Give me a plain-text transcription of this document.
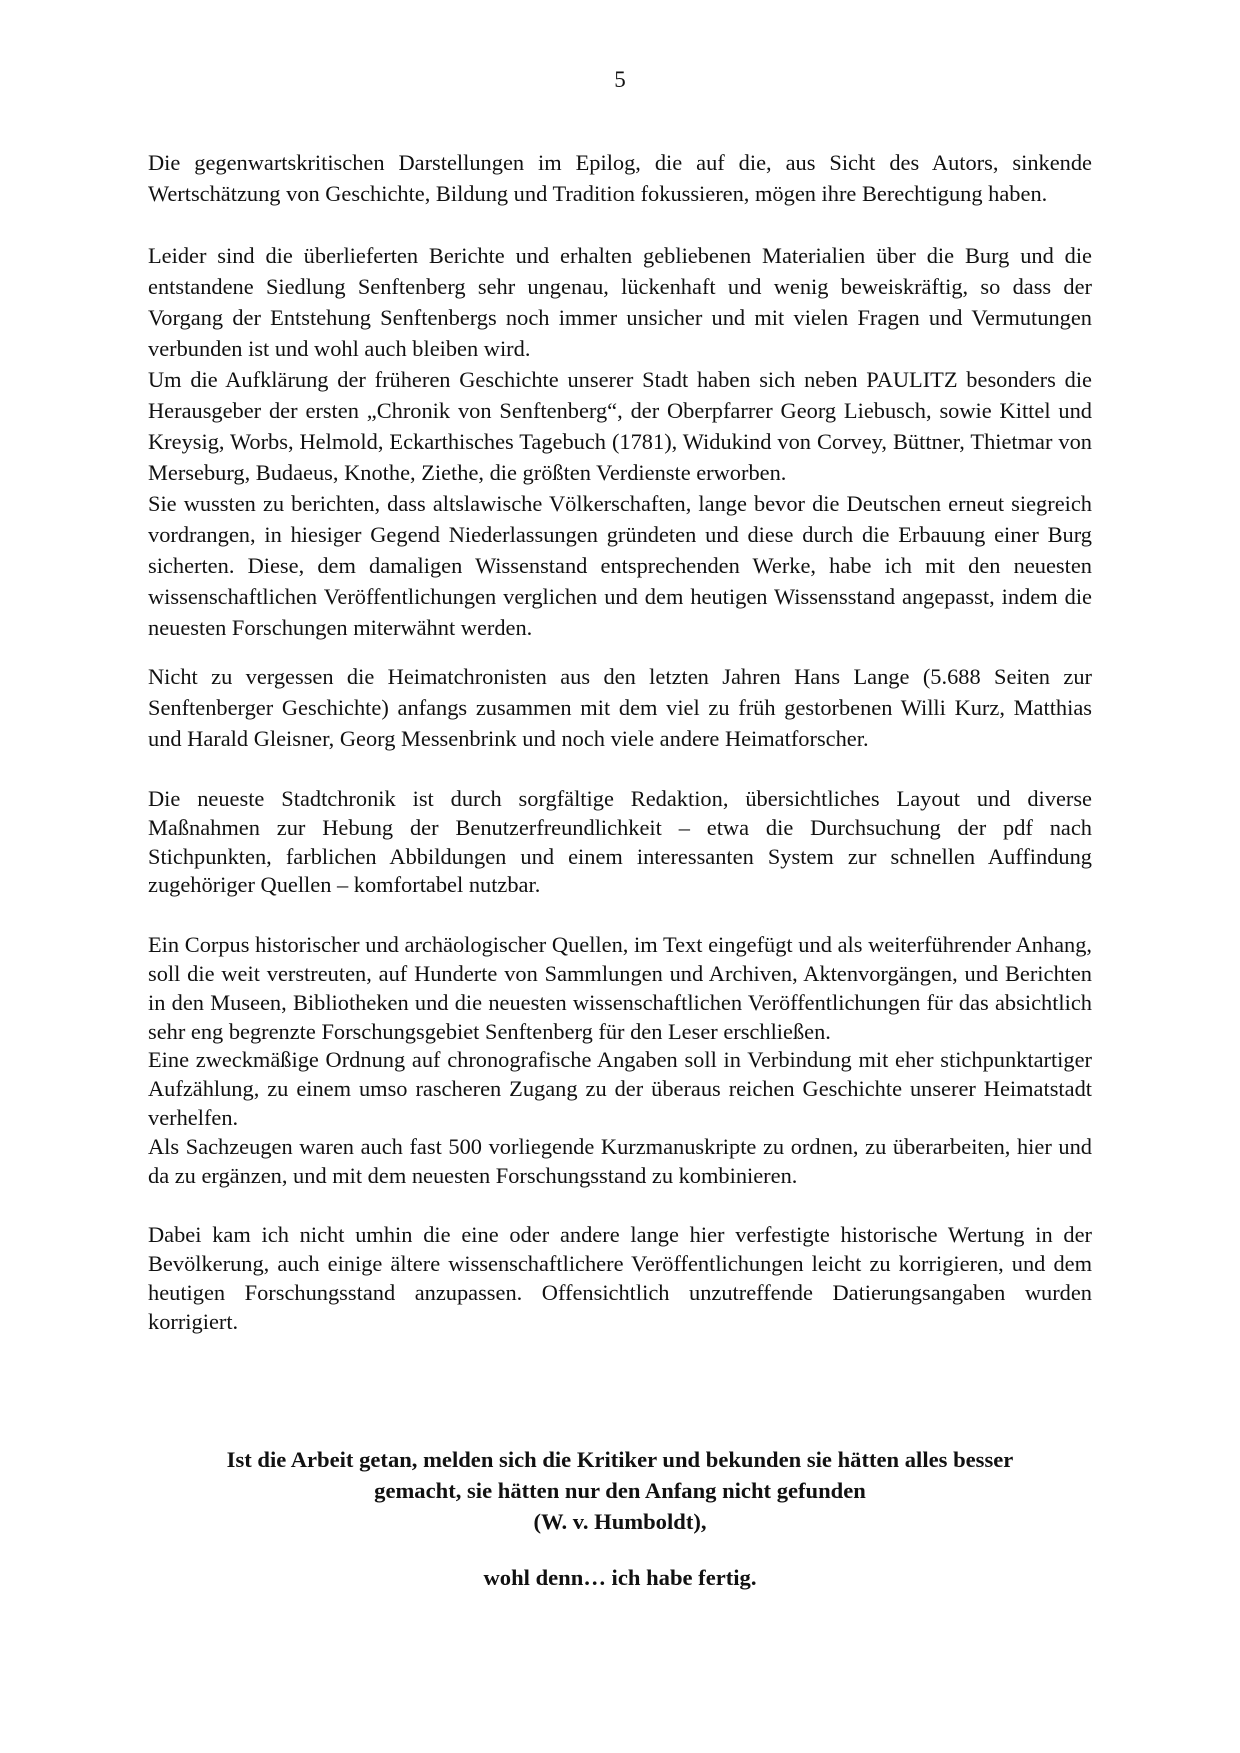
5

Die gegenwartskritischen Darstellungen im Epilog, die auf die, aus Sicht des Autors, sinkende Wertschätzung von Geschichte, Bildung und Tradition fokussieren, mögen ihre Berechtigung haben.

Leider sind die überlieferten Berichte und erhalten gebliebenen Materialien über die Burg und die entstandene Siedlung Senftenberg sehr ungenau, lückenhaft und wenig beweiskräftig, so dass der Vorgang der Entstehung Senftenbergs noch immer unsicher und mit vielen Fragen und Vermutungen verbunden ist und wohl auch bleiben wird.

Um die Aufklärung der früheren Geschichte unserer Stadt haben sich neben PAULITZ besonders die Herausgeber der ersten „Chronik von Senftenberg“, der Oberpfarrer Georg Liebusch, sowie Kittel und Kreysig, Worbs, Helmold, Eckarthisches Tagebuch (1781), Widukind von Corvey, Büttner, Thietmar von Merseburg, Budaeus, Knothe, Ziethe, die größten Verdienste erworben.

Sie wussten zu berichten, dass altslawische Völkerschaften, lange bevor die Deutschen erneut siegreich vordrangen, in hiesiger Gegend Niederlassungen gründeten und diese durch die Erbauung einer Burg sicherten. Diese, dem damaligen Wissenstand entsprechenden Werke, habe ich mit den neuesten wissenschaftlichen Veröffentlichungen verglichen und dem heutigen Wissensstand angepasst, indem die neuesten Forschungen miterwähnt werden.

Nicht zu vergessen die Heimatchronisten aus den letzten Jahren Hans Lange (5.688 Seiten zur Senftenberger Geschichte) anfangs zusammen mit dem viel zu früh gestorbenen Willi Kurz, Matthias und Harald Gleisner, Georg Messenbrink und noch viele andere Heimatforscher.

Die neueste Stadtchronik ist durch sorgfältige Redaktion, übersichtliches Layout und diverse Maßnahmen zur Hebung der Benutzerfreundlichkeit – etwa die Durchsuchung der pdf nach Stichpunkten, farblichen Abbildungen und einem interessanten System zur schnellen Auffindung zugehöriger Quellen – komfortabel nutzbar.

Ein Corpus historischer und archäologischer Quellen, im Text eingefügt und als weiterführender Anhang, soll die weit verstreuten, auf Hunderte von Sammlungen und Archiven, Aktenvorgängen, und Berichten in den Museen, Bibliotheken und die neuesten wissenschaftlichen Veröffentlichungen für das absichtlich sehr eng begrenzte Forschungsgebiet Senftenberg für den Leser erschließen.

Eine zweckmäßige Ordnung auf chronografische Angaben soll in Verbindung mit eher stichpunktartiger Aufzählung, zu einem umso rascheren Zugang zu der überaus reichen Geschichte unserer Heimatstadt verhelfen.

Als Sachzeugen waren auch fast 500 vorliegende Kurzmanuskripte zu ordnen, zu überarbeiten, hier und da zu ergänzen, und mit dem neuesten Forschungsstand zu kombinieren.

Dabei kam ich nicht umhin die eine oder andere lange hier verfestigte historische Wertung in der Bevölkerung, auch einige ältere wissenschaftlichere Veröffentlichungen leicht zu korrigieren, und dem heutigen Forschungsstand anzupassen. Offensichtlich unzutreffende Datierungsangaben wurden korrigiert.

Ist die Arbeit getan, melden sich die Kritiker und bekunden sie hätten alles besser
gemacht, sie hätten nur den Anfang nicht gefunden
(W. v. Humboldt),

wohl denn… ich habe fertig.
